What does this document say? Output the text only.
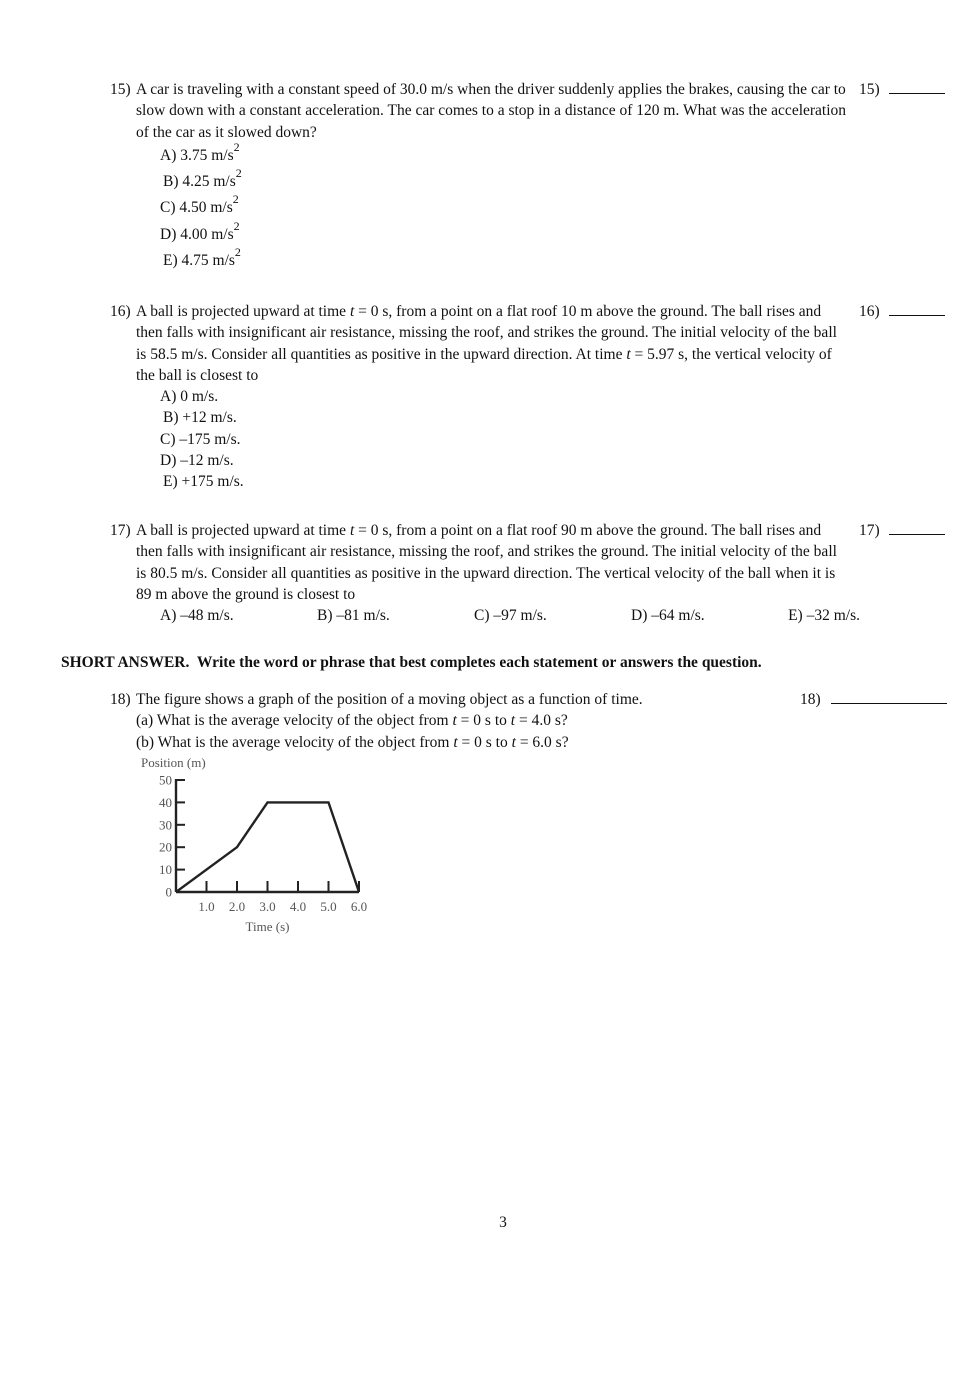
15) A car is traveling with a constant speed of 30.0 m/s when the driver suddenly applies the brakes, causing the car to slow down with a constant acceleration. The car comes to a stop in a distance of 120 m. What was the acceleration of the car as it slowed down?
A) 3.75 $m/s^2$
B) 4.25 $m/s^2$
C) 4.50 $m/s^2$
D) 4.00 $m/s^2$
E) 4.75 $m/s^2$
15)
16) A ball is projected upward at time t = 0 s, from a point on a flat roof 10 m above the ground. The ball rises and then falls with insignificant air resistance, missing the roof, and strikes the ground. The initial velocity of the ball is 58.5 m/s. Consider all quantities as positive in the upward direction. At time t = 5.97 s, the vertical velocity of the ball is closest to
A) 0 m/s.
B) +12 m/s.
C) –175 m/s.
D) –12 m/s.
E) +175 m/s.
16)
17) A ball is projected upward at time t = 0 s, from a point on a flat roof 90 m above the ground. The ball rises and then falls with insignificant air resistance, missing the roof, and strikes the ground. The initial velocity of the ball is 80.5 m/s. Consider all quantities as positive in the upward direction. The vertical velocity of the ball when it is 89 m above the ground is closest to
A) –48 m/s.	B) –81 m/s.	C) –97 m/s.	D) –64 m/s.	E) –32 m/s.
17)
SHORT ANSWER. Write the word or phrase that best completes each statement or answers the question.
18) The figure shows a graph of the position of a moving object as a function of time.
(a) What is the average velocity of the object from t = 0 s to t = 4.0 s?
(b) What is the average velocity of the object from t = 0 s to t = 6.0 s?
18)
Position (m)
0
10
20
30
40
50
1.0 2.0 3.0 4.0 5.0 6.0
Time (s)
3
